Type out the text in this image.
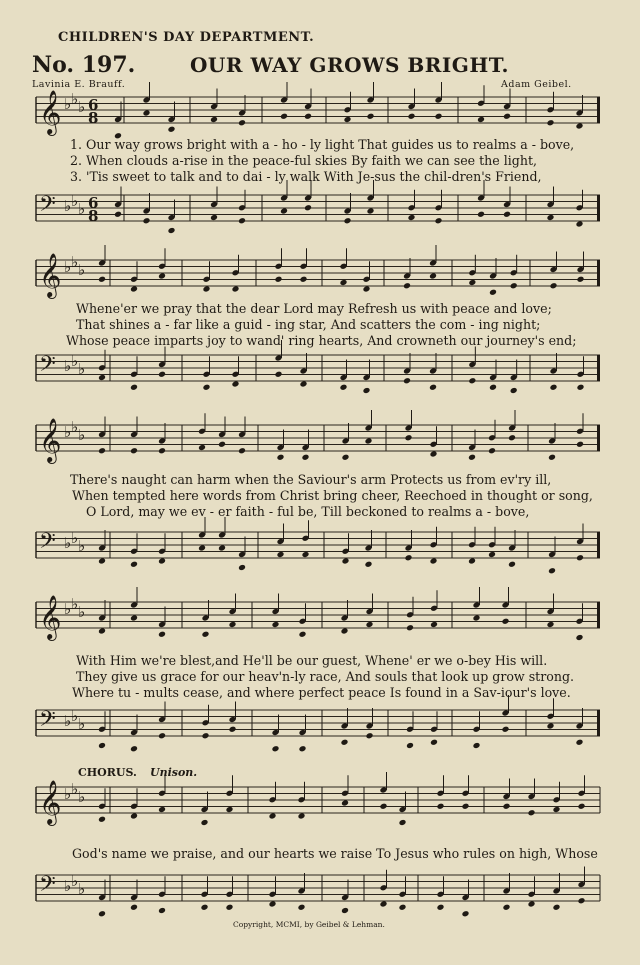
CHILDREN'S DAY DEPARTMENT.
No. 197.	OUR WAY GROWS BRIGHT.
Lavinia E. Brauff.	Adam Geibel.
𝄞
𝄢
♭ ♭ ♭
♭ ♭ ♭
6
8
6
8
𝄞
𝄢
♭ ♭ ♭
♭ ♭ ♭
𝄞
𝄢
♭ ♭ ♭
♭ ♭ ♭
𝄞
𝄢
♭ ♭ ♭
♭ ♭ ♭
𝄞
𝄢
♭ ♭ ♭
♭ ♭ ♭
1. Our way grows bright with a - ho - ly light That guides us to realms a - bove,
2. When clouds a-rise in the peace-ful skies By faith we can see the light,
3. 'Tis sweet to talk and to dai - ly walk With Je-sus the chil-dren's Friend,
Whene'er we pray that the dear Lord may Refresh us with peace and love;
That shines a - far like a guid - ing star, And scatters the com - ing night;
Whose peace imparts joy to wand' ring hearts, And crowneth our journey's end;
There's naught can harm when the Saviour's arm Protects us from ev'ry ill,
When tempted here words from Christ bring cheer, Reechoed in thought or song,
O Lord, may we ev - er faith - ful be, Till beckoned to realms a - bove,
With Him we're blest,and He'll be our guest, Whene' er we o-bey His will.
They give us grace for our heav'n-ly race, And souls that look up grow strong.
Where tu - mults cease, and where perfect peace Is found in a Sav-iour's love.
CHORUS. Unison.
God's name we praise, and our hearts we raise To Jesus who rules on high, Whose
Copyright, MCMI, by Geibel & Lehman.
